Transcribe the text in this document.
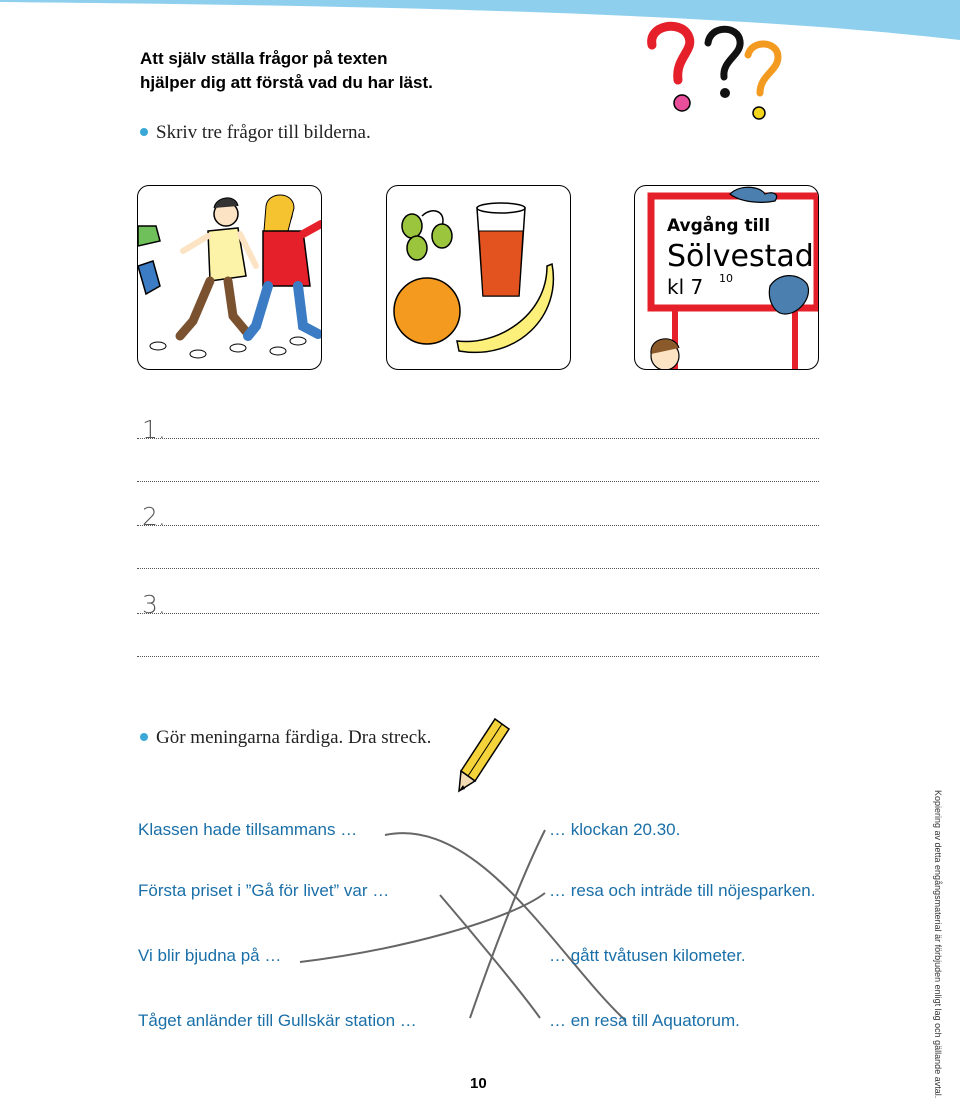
Att själv ställa frågor på texten
hjälper dig att förstå vad du har läst.
Skriv tre frågor till bilderna.
Avgång till
Sölvestad
kl 7 10
1.
2.
3.
Gör meningarna färdiga. Dra streck.
Klassen hade tillsammans …
Första priset i ”Gå för livet” var …
Vi blir bjudna på …
Tåget anländer till Gullskär station …
… klockan 20.30.
… resa och inträde till nöjesparken.
… gått tvåtusen kilometer.
… en resa till Aquatorum.
10	Kopiering av detta engångsmaterial är förbjuden enligt lag och gällande avtal.
